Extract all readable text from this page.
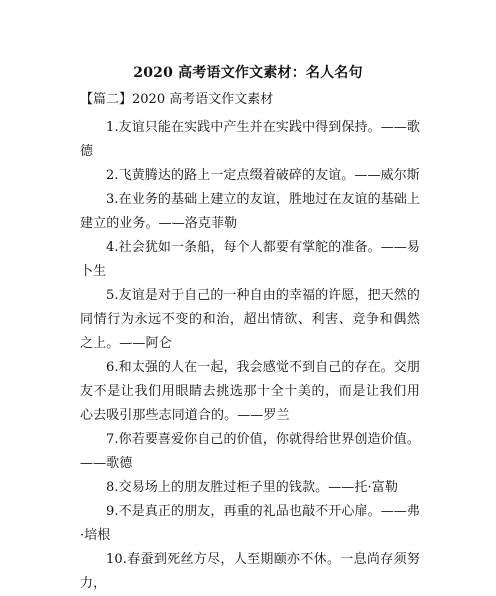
2020 高考语文作文素材：名人名句
【篇二】2020 高考语文作文素材

1.友谊只能在实践中产生并在实践中得到保持。——歌德

2.飞黄腾达的路上一定点缀着破碎的友谊。——威尔斯

3.在业务的基础上建立的友谊，胜地过在友谊的基础上建立的业务。——洛克菲勒

4.社会犹如一条船，每个人都要有掌舵的准备。——易卜生

5.友谊是对于自己的一种自由的幸福的许愿，把天然的同情行为永远不变的和治，超出情欲、利害、竞争和偶然之上。——阿仑

6.和太强的人在一起，我会感觉不到自己的存在。交朋友不是让我们用眼睛去挑选那十全十美的，而是让我们用心去吸引那些志同道合的。——罗兰

7.你若要喜爱你自己的价值，你就得给世界创造价值。——歌德

8.交易场上的朋友胜过柜子里的钱款。——托·富勒

9.不是真正的朋友，再重的礼品也敲不开心扉。——弗·培根

10.春蚕到死丝方尽，人至期颐亦不休。一息尚存须努力，
